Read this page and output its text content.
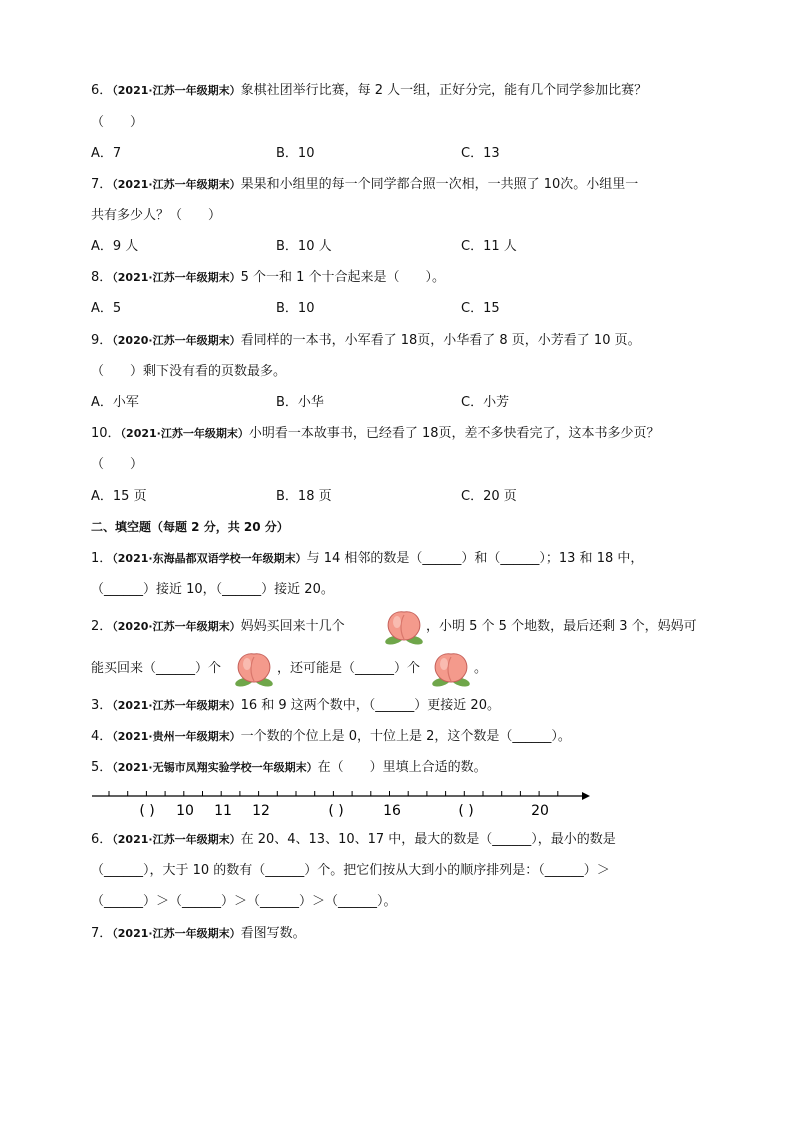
6．（2021·江苏一年级期末）象棋社团举行比赛，每 2 人一组，正好分完，能有几个同学参加比赛？
（　　）
A．7	B．10	C．13
7．（2021·江苏一年级期末）果果和小组里的每一个同学都合照一次相，一共照了 10次。小组里一
共有多少人？（　　）
A．9 人	B．10 人	C．11 人
8．（2021·江苏一年级期末）5 个一和 1 个十合起来是（　　）。
A．5	B．10	C．15
9．（2020·江苏一年级期末）看同样的一本书，小军看了 18页，小华看了 8 页，小芳看了 10 页。
（　　）剩下没有看的页数最多。
A．小军	B．小华	C．小芳
10．（2021·江苏一年级期末）小明看一本故事书，已经看了 18页，差不多快看完了，这本书多少页？
（　　）
A．15 页	B．18 页	C．20 页
二、填空题（每题 2 分，共 20 分）
1．（2021·东海晶都双语学校一年级期末）与 14 相邻的数是（______）和（______）；13 和 18 中，
（______）接近 10，（______）接近 20。
2．（2020·江苏一年级期末）妈妈买回来十几个	，小明 5 个 5 个地数，最后还剩 3 个，妈妈可
能买回来（______）个	，还可能是（______）个	。
3．（2021·江苏一年级期末）16 和 9 这两个数中，（______）更接近 20。
4．（2021·贵州一年级期末）一个数的个位上是 0，十位上是 2，这个数是（______）。
5．（2021·无锡市凤翔实验学校一年级期末）在（　　）里填上合适的数。
( ) 10 11 12	( )	16	( )	20
6．（2021·江苏一年级期末）在 20、4、13、10、17 中，最大的数是（______），最小的数是
（______），大于 10 的数有（______）个。把它们按从大到小的顺序排列是：（______）＞
（______）＞（______）＞（______）＞（______）。
7．（2021·江苏一年级期末）看图写数。
